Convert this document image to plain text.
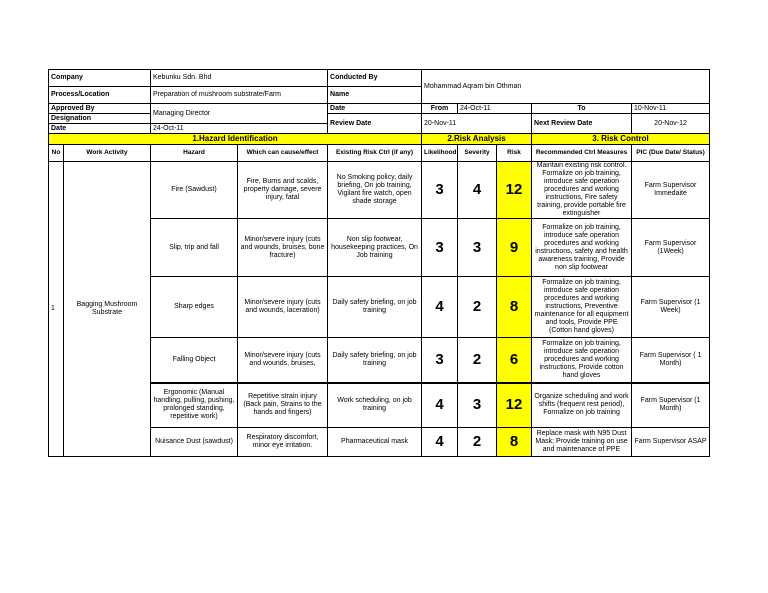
Company		Kebunku Sdn. Bhd		Conducted By	Mohammad Aqram bin Othman				
Process/Location		Preparation of mushroom substrate/Farm		Name					
Approved By		Managing Director		Date	From	24-Oct-11		To	10-Nov-11
Designation				Review Date	20-Nov-11			Next Review Date	20-Nov-12
Date		24-Oct-11							
1.Hazard Identification					2.Risk Analysis			3. Risk Control	
No	Work Activity	Hazard	Which can cause/effect	Existing Risk Ctrl (if any)	Likelihood	Severity	Risk	Recommended Ctrl Measures	PIC (Due Date/ Status)
1	Bagging Mushroom Substrate	Fire (Sawdust)	Fire, Burns and scalds, property damage, severe injury, fatal	No Smoking policy, daily briefing, On job training, Vigilant fire watch, open shade storage	3	4	12	Maintain existing risk control. Formalize on job training, introduce safe operation procedures and working instructions, Fire safety training, provide portable fire extinguisher	Farm Supervisor Immedaite
		Slip, trip and fall	Minor/severe injury (cuts and wounds, bruises, bone fracture)	Non slip footwear, housekeeping practices, On Job training	3	3	9	Formalize on job training, introduce safe operation procedures and working instructions, safety and health awareness training, Provide non slip footwear	Farm Supervisor (1Week)
		Sharp edges	Minor/severe injury (cuts and wounds, laceration)	Daily safety briefing, on job training	4	2	8	Formalize on job training, introduce safe operation procedures and working instructions, Preventive maintenance for all equipment and tools, Provide PPE (Cotton hand gloves)	Farm Supervisor (1 Week)
		Falling Object	Minor/severe injury (cuts and wounds, bruises,	Daily safety briefing, on job training	3	2	6	Formalize on job training, introduce safe operation procedures and working instructions, Provide cotton hand gloves	Farm Supervisor ( 1 Month)
		Ergonomic (Manual handling, pulling, pushing, prolonged standing, repetitive work)	Repetitive strain injury (Back pain, Strains to the hands and fingers)	Work scheduling, on job training	4	3	12	Organize scheduling and work shifts (frequent rest period), Formalize on job training	Farm Supervisor (1 Month)
		Nuisance Dust (sawdust)	Respiratory discomfort, minor eye irritation.	Pharmaceutical mask	4	2	8	Replace mask with N95 Dust Mask; Provide training on use and maintenance of PPE	Farm Supervisor ASAP
